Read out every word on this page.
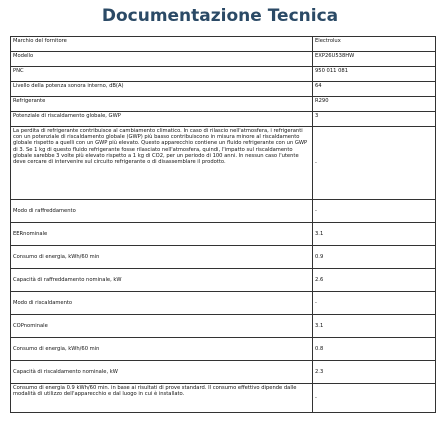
Documentazione Tecnica
Marchio del fornitore	Electrolux
Modello	EXP26U538HW
PNC	950 011 081
Livello della potenza sonora interno, dB(A)	64
Refrigerante	R290
Potenziale di riscaldamento globale, GWP	3
La perdita di refrigerante contribuisce al cambiamento climatico. In caso di rilascio nell'atmosfera, i refrigeranti con un potenziale di riscaldamento globale (GWP) più basso contribuiscono in misura minore al riscaldamento globale rispetto a quelli con un GWP più elevato. Questo apparecchio contiene un fluido refrigerante con un GWP di 3. Se 1 kg di questo fluido refrigerante fosse rilasciato nell'atmosfera, quindi, l'impatto sul riscaldamento globale sarebbe 3 volte più elevato rispetto a 1 kg di CO2, per un periodo di 100 anni. In nessun caso l'utente deve cercare di intervenire sul circuito refrigerante o di disassemblare il prodotto.	-
Modo di raffreddamento	-
EERnominale	3.1
Consumo di energia, kWh/60 min	0.9
Capacità di raffreddamento nominale, kW	2.6
Modo di riscaldamento	-
COPnominale	3.1
Consumo di energia, kWh/60 min	0.8
Capacità di riscaldamento nominale, kW	2.3
Consumo di energia 0.9 kWh/60 min. in base ai risultati di prove standard. Il consumo effettivo dipende dalle modalità di utilizzo dell'apparecchio e dal luogo in cui è installato.	-
